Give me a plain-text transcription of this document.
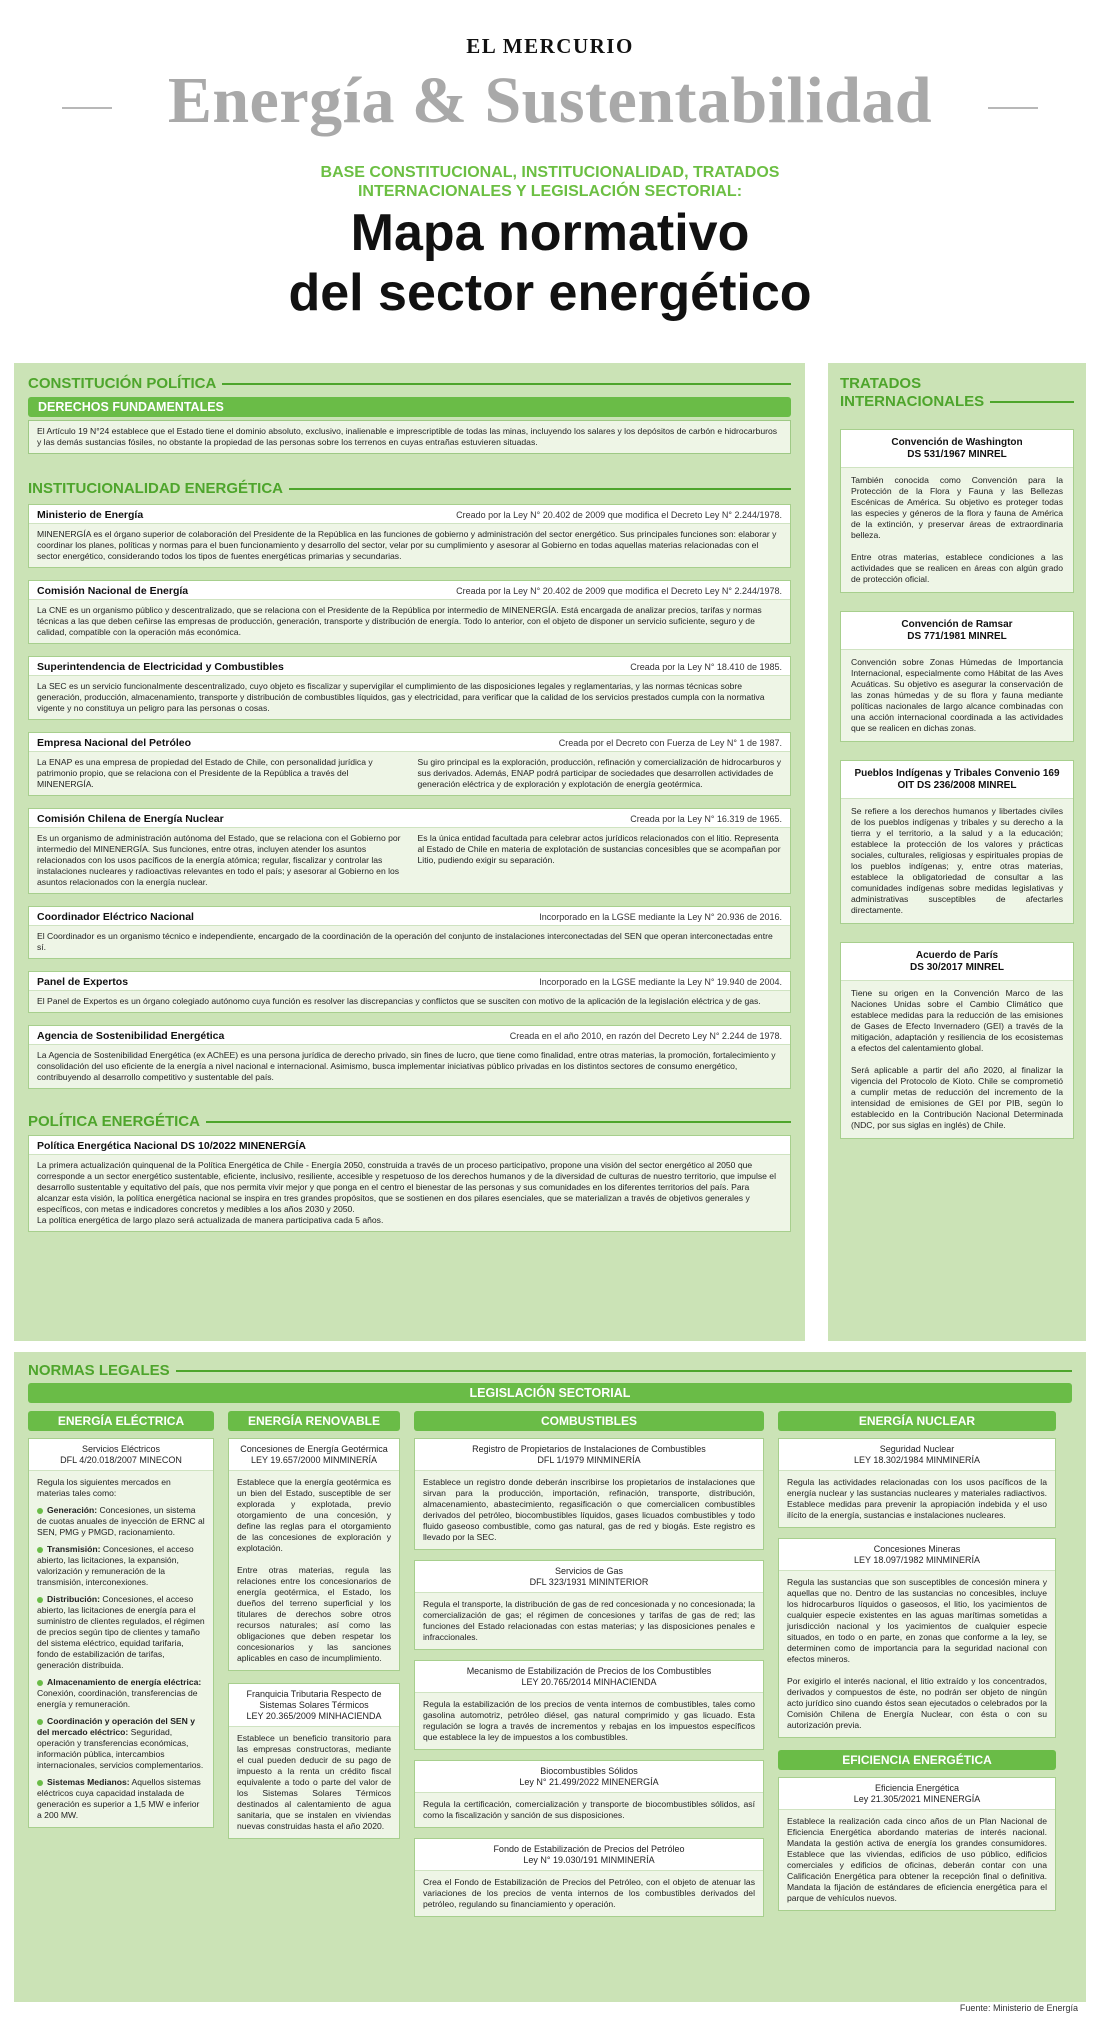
EL MERCURIO
Energía & Sustentabilidad
BASE CONSTITUCIONAL, INSTITUCIONALIDAD, TRATADOS
INTERNACIONALES Y LEGISLACIÓN SECTORIAL:
Mapa normativo
del sector energético
CONSTITUCIÓN POLÍTICA
DERECHOS FUNDAMENTALES
El Artículo 19 N°24 establece que el Estado tiene el dominio absoluto, exclusivo, inalienable e imprescriptible de todas las minas, incluyendo los salares y los depósitos de carbón e hidrocarburos y las demás sustancias fósiles, no obstante la propiedad de las personas sobre los terrenos en cuyas entrañas estuvieren situadas.
INSTITUCIONALIDAD ENERGÉTICA
Ministerio de Energía	Creado por la Ley N° 20.402 de 2009 que modifica el Decreto Ley N° 2.244/1978.
MINENERGÍA es el órgano superior de colaboración del Presidente de la República en las funciones de gobierno y administración del sector energético. Sus principales funciones son: elaborar y coordinar los planes, políticas y normas para el buen funcionamiento y desarrollo del sector, velar por su cumplimiento y asesorar al Gobierno en todas aquellas materias relacionadas con el sector energético, considerando todos los tipos de fuentes energéticas primarias y secundarias.
Comisión Nacional de Energía	Creada por la Ley N° 20.402 de 2009 que modifica el Decreto Ley N° 2.244/1978.
La CNE es un organismo público y descentralizado, que se relaciona con el Presidente de la República por intermedio de MINENERGÍA. Está encargada de analizar precios, tarifas y normas técnicas a las que deben ceñirse las empresas de producción, generación, transporte y distribución de energía. Todo lo anterior, con el objeto de disponer un servicio suficiente, seguro y de calidad, compatible con la operación más económica.
Superintendencia de Electricidad y Combustibles	Creada por la Ley N° 18.410 de 1985.
La SEC es un servicio funcionalmente descentralizado, cuyo objeto es fiscalizar y supervigilar el cumplimiento de las disposiciones legales y reglamentarias, y las normas técnicas sobre generación, producción, almacenamiento, transporte y distribución de combustibles líquidos, gas y electricidad, para verificar que la calidad de los servicios prestados cumpla con la normativa vigente y no constituya un peligro para las personas o cosas.
Empresa Nacional del Petróleo	Creada por el Decreto con Fuerza de Ley N° 1 de 1987.
La ENAP es una empresa de propiedad del Estado de Chile, con personalidad jurídica y patrimonio propio, que se relaciona con el Presidente de la República a través del MINENERGÍA.
Su giro principal es la exploración, producción, refinación y comercialización de hidrocarburos y sus derivados. Además, ENAP podrá participar de sociedades que desarrollen actividades de generación eléctrica y de exploración y explotación de energía geotérmica.
Comisión Chilena de Energía Nuclear	Creada por la Ley N° 16.319 de 1965.
Es un organismo de administración autónoma del Estado, que se relaciona con el Gobierno por intermedio del MINENERGÍA. Sus funciones, entre otras, incluyen atender los asuntos relacionados con los usos pacíficos de la energía atómica; regular, fiscalizar y controlar las instalaciones nucleares y radioactivas relevantes en todo el país; y asesorar al Gobierno en los asuntos relacionados con la energía nuclear.
Es la única entidad facultada para celebrar actos jurídicos relacionados con el litio. Representa al Estado de Chile en materia de explotación de sustancias concesibles que se acompañan por Litio, pudiendo exigir su separación.
Coordinador Eléctrico Nacional	Incorporado en la LGSE mediante la Ley N° 20.936 de 2016.
El Coordinador es un organismo técnico e independiente, encargado de la coordinación de la operación del conjunto de instalaciones interconectadas del SEN que operan interconectadas entre sí.
Panel de Expertos	Incorporado en la LGSE mediante la Ley N° 19.940 de 2004.
El Panel de Expertos es un órgano colegiado autónomo cuya función es resolver las discrepancias y conflictos que se susciten con motivo de la aplicación de la legislación eléctrica y de gas.
Agencia de Sostenibilidad Energética	Creada en el año 2010, en razón del Decreto Ley N° 2.244 de 1978.
La Agencia de Sostenibilidad Energética (ex AChEE) es una persona jurídica de derecho privado, sin fines de lucro, que tiene como finalidad, entre otras materias, la promoción, fortalecimiento y consolidación del uso eficiente de la energía a nivel nacional e internacional. Asimismo, busca implementar iniciativas público privadas en los distintos sectores de consumo energético, contribuyendo al desarrollo competitivo y sustentable del país.
POLÍTICA ENERGÉTICA
Política Energética Nacional DS 10/2022 MINENERGÍA
La primera actualización quinquenal de la Política Energética de Chile - Energía 2050, construida a través de un proceso participativo, propone una visión del sector energético al 2050 que corresponde a un sector energético sustentable, eficiente, inclusivo, resiliente, accesible y respetuoso de los derechos humanos y de la diversidad de culturas de nuestro territorio, que impulse el desarrollo sustentable y equitativo del país, que nos permita vivir mejor y que ponga en el centro el bienestar de las personas y sus comunidades en los diferentes territorios del país. Para alcanzar esta visión, la política energética nacional se inspira en tres grandes propósitos, que se sostienen en dos pilares esenciales, que se materializan a través de objetivos generales y específicos, con metas e indicadores concretos y medibles a los años 2030 y 2050.
La política energética de largo plazo será actualizada de manera participativa cada 5 años.
TRATADOS
INTERNACIONALES
Convención de Washington
DS 531/1967 MINREL
También conocida como Convención para la Protección de la Flora y Fauna y las Bellezas Escénicas de América. Su objetivo es proteger todas las especies y géneros de la flora y fauna de América de la extinción, y preservar áreas de extraordinaria belleza.

Entre otras materias, establece condiciones a las actividades que se realicen en áreas con algún grado de protección oficial.
Convención de Ramsar
DS 771/1981 MINREL
Convención sobre Zonas Húmedas de Importancia Internacional, especialmente como Hábitat de las Aves Acuáticas. Su objetivo es asegurar la conservación de las zonas húmedas y de su flora y fauna mediante políticas nacionales de largo alcance combinadas con una acción internacional coordinada a las actividades que se realicen en dichas zonas.
Pueblos Indígenas y Tribales Convenio 169 OIT DS 236/2008 MINREL
Se refiere a los derechos humanos y libertades civiles de los pueblos indígenas y tribales y su derecho a la tierra y el territorio, a la salud y a la educación; establece la protección de los valores y prácticas sociales, culturales, religiosas y espirituales propias de los pueblos indígenas; y, entre otras materias, establece la obligatoriedad de consultar a las comunidades indígenas sobre medidas legislativas y administrativas susceptibles de afectarles directamente.
Acuerdo de París
DS 30/2017 MINREL
Tiene su origen en la Convención Marco de las Naciones Unidas sobre el Cambio Climático que establece medidas para la reducción de las emisiones de Gases de Efecto Invernadero (GEI) a través de la mitigación, adaptación y resiliencia de los ecosistemas a efectos del calentamiento global.

Será aplicable a partir del año 2020, al finalizar la vigencia del Protocolo de Kioto. Chile se comprometió a cumplir metas de reducción del incremento de la intensidad de emisiones de GEI por PIB, según lo establecido en la Contribución Nacional Determinada (NDC, por sus siglas en inglés) de Chile.
NORMAS LEGALES
LEGISLACIÓN SECTORIAL
ENERGÍA ELÉCTRICA
Servicios Eléctricos
DFL 4/20.018/2007 MINECON
Regula los siguientes mercados en materias tales como:
Generación: Concesiones, un sistema de cuotas anuales de inyección de ERNC al SEN, PMG y PMGD, racionamiento.
Transmisión: Concesiones, el acceso abierto, las licitaciones, la expansión, valorización y remuneración de la transmisión, interconexiones.
Distribución: Concesiones, el acceso abierto, las licitaciones de energía para el suministro de clientes regulados, el régimen de precios según tipo de clientes y tamaño del sistema eléctrico, equidad tarifaria, fondo de estabilización de tarifas, generación distribuida.
Almacenamiento de energía eléctrica: Conexión, coordinación, transferencias de energía y remuneración.
Coordinación y operación del SEN y del mercado eléctrico: Seguridad, operación y transferencias económicas, información pública, intercambios internacionales, servicios complementarios.
Sistemas Medianos: Aquellos sistemas eléctricos cuya capacidad instalada de generación es superior a 1,5 MW e inferior a 200 MW.
ENERGÍA RENOVABLE
Concesiones de Energía Geotérmica
LEY 19.657/2000 MINMINERÍA
Establece que la energía geotérmica es un bien del Estado, susceptible de ser explorada y explotada, previo otorgamiento de una concesión, y define las reglas para el otorgamiento de las concesiones de exploración y explotación.

Entre otras materias, regula las relaciones entre los concesionarios de energía geotérmica, el Estado, los dueños del terreno superficial y los titulares de derechos sobre otros recursos naturales; así como las obligaciones que deben respetar los concesionarios y las sanciones aplicables en caso de incumplimiento.
Franquicia Tributaria Respecto de Sistemas Solares Térmicos
LEY 20.365/2009 MINHACIENDA
Establece un beneficio transitorio para las empresas constructoras, mediante el cual pueden deducir de su pago de impuesto a la renta un crédito fiscal equivalente a todo o parte del valor de los Sistemas Solares Térmicos destinados al calentamiento de agua sanitaria, que se instalen en viviendas nuevas construidas hasta el año 2020.
COMBUSTIBLES
Registro de Propietarios de Instalaciones de Combustibles
DFL 1/1979 MINMINERÍA
Establece un registro donde deberán inscribirse los propietarios de instalaciones que sirvan para la producción, importación, refinación, transporte, distribución, almacenamiento, abastecimiento, regasificación o que comercialicen combustibles derivados del petróleo, biocombustibles líquidos, gases licuados combustibles y todo fluido gaseoso combustible, como gas natural, gas de red y biogás. Este registro es llevado por la SEC.
Servicios de Gas
DFL 323/1931 MININTERIOR
Regula el transporte, la distribución de gas de red concesionada y no concesionada; la comercialización de gas; el régimen de concesiones y tarifas de gas de red; las funciones del Estado relacionadas con estas materias; y las disposiciones penales e infraccionales.
Mecanismo de Estabilización de Precios de los Combustibles
LEY 20.765/2014 MINHACIENDA
Regula la estabilización de los precios de venta internos de combustibles, tales como gasolina automotriz, petróleo diésel, gas natural comprimido y gas licuado. Esta regulación se logra a través de incrementos y rebajas en los impuestos específicos que establece la ley de impuestos a los combustibles.
Biocombustibles Sólidos
Ley N° 21.499/2022 MINENERGÍA
Regula la certificación, comercialización y transporte de biocombustibles sólidos, así como la fiscalización y sanción de sus disposiciones.
Fondo de Estabilización de Precios del Petróleo
Ley N° 19.030/191 MINMINERÍA
Crea el Fondo de Estabilización de Precios del Petróleo, con el objeto de atenuar las variaciones de los precios de venta internos de los combustibles derivados del petróleo, regulando su financiamiento y operación.
ENERGÍA NUCLEAR
Seguridad Nuclear
LEY 18.302/1984 MINMINERÍA
Regula las actividades relacionadas con los usos pacíficos de la energía nuclear y las sustancias nucleares y materiales radiactivos. Establece medidas para prevenir la apropiación indebida y el uso ilícito de la energía, sustancias e instalaciones nucleares.
Concesiones Mineras
LEY 18.097/1982 MINMINERÍA
Regula las sustancias que son susceptibles de concesión minera y aquellas que no. Dentro de las sustancias no concesibles, incluye los hidrocarburos líquidos o gaseosos, el litio, los yacimientos de cualquier especie existentes en las aguas marítimas sometidas a jurisdicción nacional y los yacimientos de cualquier especie situados, en todo o en parte, en zonas que conforme a la ley, se determinen como de importancia para la seguridad nacional con efectos mineros.

Por exigirlo el interés nacional, el litio extraído y los concentrados, derivados y compuestos de éste, no podrán ser objeto de ningún acto jurídico sino cuando éstos sean ejecutados o celebrados por la Comisión Chilena de Energía Nuclear, con ésta o con su autorización previa.
EFICIENCIA ENERGÉTICA
Eficiencia Energética
Ley 21.305/2021 MINENERGÍA
Establece la realización cada cinco años de un Plan Nacional de Eficiencia Energética abordando materias de interés nacional. Mandata la gestión activa de energía los grandes consumidores. Establece que las viviendas, edificios de uso público, edificios comerciales y edificios de oficinas, deberán contar con una Calificación Energética para obtener la recepción final o definitiva. Mandata la fijación de estándares de eficiencia energética para el parque de vehículos nuevos.
Fuente: Ministerio de Energía
